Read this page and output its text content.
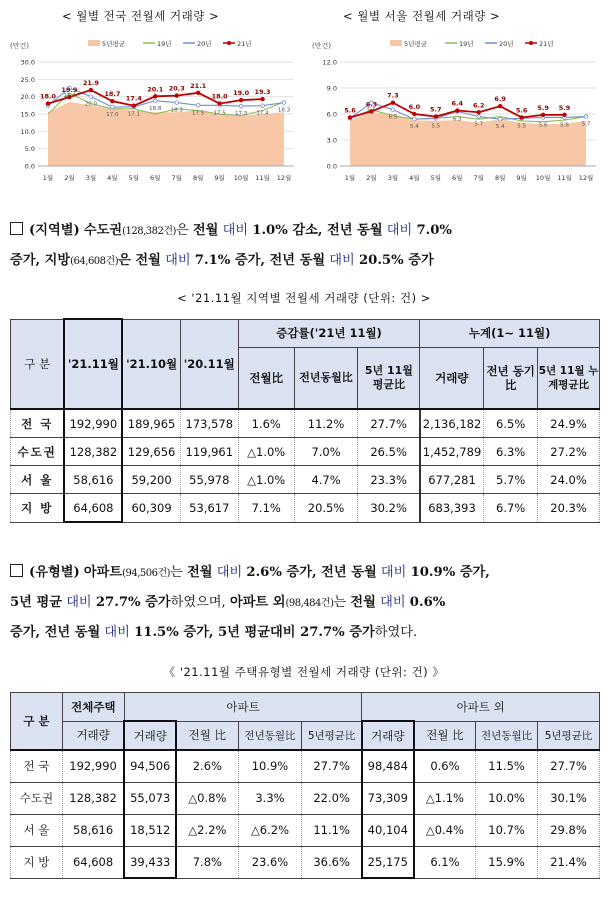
< 월별 전국 전월세 거래량 >	< 월별 서울 전월세 거래량 >
(만건)	5년평균	19년	20년	21년
0.0
5.0
10.0
15.0
20.0
25.0
30.0
18.0
19.9
21.9
18.7
17.4
20.1 20.3 21.1
18.0 19.0 19.3
17.4
20.0
17.0 17.1
18.8 18.3 17.5 17.5 17.3 17.4
18.3
1월 2월 3월 4월 5월 6월 7월 8월 9월 10월 11월 12월
(만건)	5년평균	19년	20년	21년
0.0
3.0
6.0
9.0
12.0
5.6
6.3
7.3
6.0 5.7
6.4 6.2
6.9
5.6 5.9 5.9
5.5
6.5
5.4 5.5
6.3
5.7 5.4 5.5 5.6 5.6 5.7
1월 2월 3월 4월 5월 6월 7월 8월 9월 10월 11월 12월
(지역별) 수도권(128,382건)은 전월 대비 1.0% 감소, 전년 동월 대비 7.0%
증가, 지방(64,608건)은 전월 대비 7.1% 증가, 전년 동월 대비 20.5% 증가
< '21.11월 지역별 전월세 거래량 (단위: 건) >
구 분	'21.11월	'21.10월	'20.11월	증감률('21년 11월)			누계(1~ 11월)		
				전월比	전년동월比	5년 11월 평균比	거래량	전년 동기比	5년 11월 누계평균比
전 국	192,990	189,965	173,578	1.6%	11.2%	27.7%	2,136,182	6.5%	24.9%
수도권	128,382	129,656	119,961	△1.0%	7.0%	26.5%	1,452,789	6.3%	27.2%
서 울	58,616	59,200	55,978	△1.0%	4.7%	23.3%	677,281	5.7%	24.0%
지 방	64,608	60,309	53,617	7.1%	20.5%	30.2%	683,393	6.7%	20.3%
(유형별) 아파트(94,506건)는 전월 대비 2.6% 증가, 전년 동월 대비 10.9% 증가,
5년 평균 대비 27.7% 증가하였으며, 아파트 외(98,484건)는 전월 대비 0.6%
증가, 전년 동월 대비 11.5% 증가, 5년 평균대비 27.7% 증가하였다.
《 '21.11월 주택유형별 전월세 거래량 (단위: 건) 》
구 분	전체주택	아파트				아파트 외			
	거래량	거래량	전월 比	전년동월比	5년평균比	거래량	전월 比	전년동월比	5년평균比
전 국	192,990	94,506	2.6%	10.9%	27.7%	98,484	0.6%	11.5%	27.7%
수도권	128,382	55,073	△0.8%	3.3%	22.0%	73,309	△1.1%	10.0%	30.1%
서 울	58,616	18,512	△2.2%	△6.2%	11.1%	40,104	△0.4%	10.7%	29.8%
지 방	64,608	39,433	7.8%	23.6%	36.6%	25,175	6.1%	15.9%	21.4%
